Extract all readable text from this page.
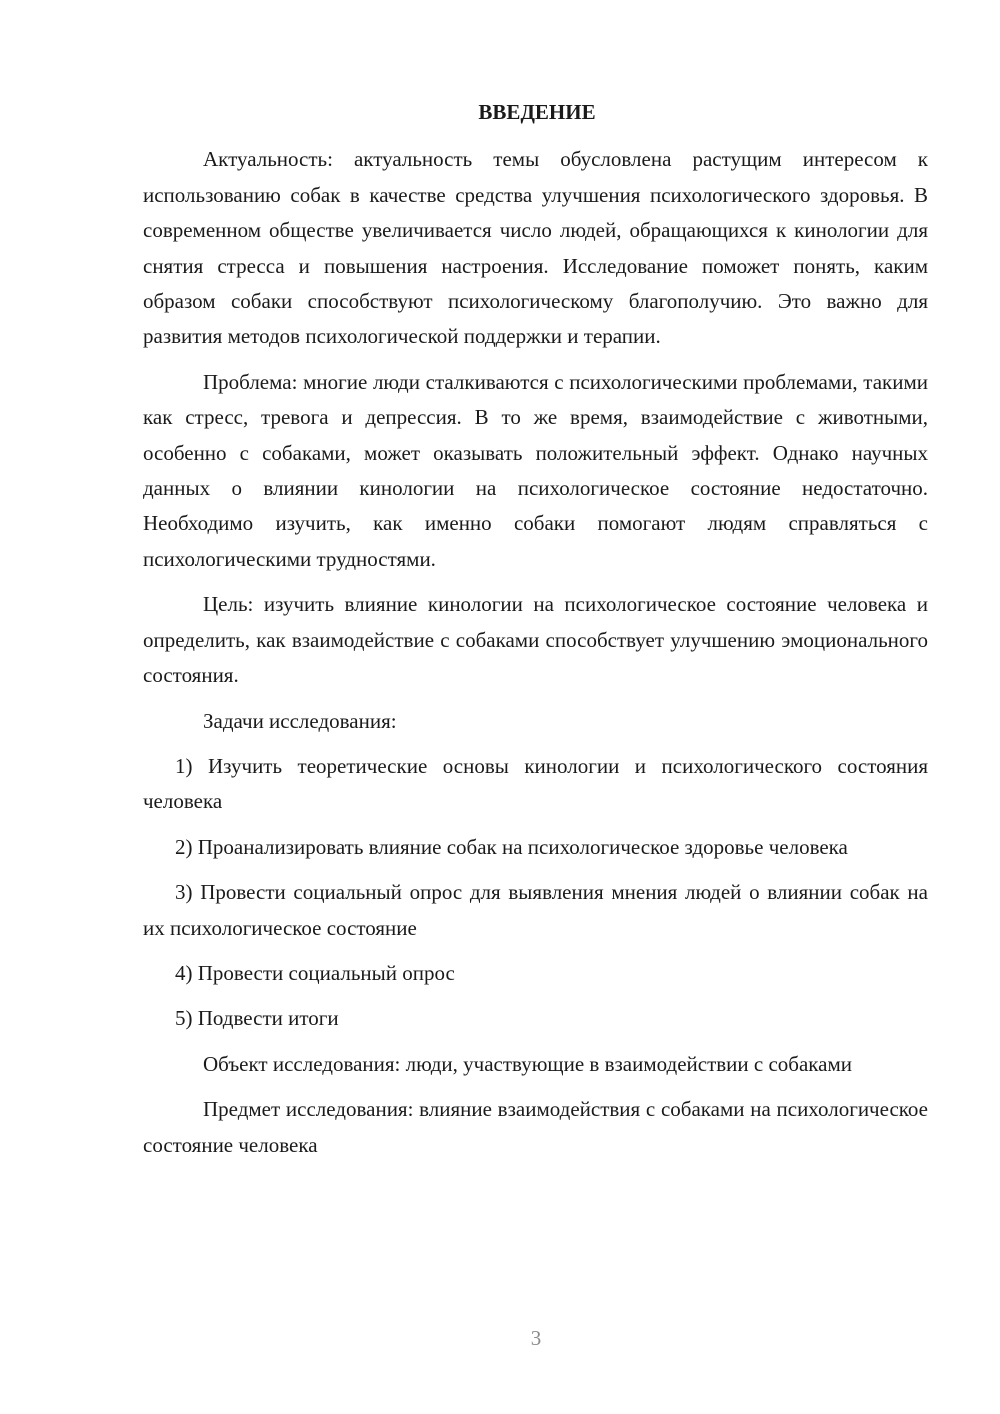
ВВЕДЕНИЕ

Актуальность: актуальность темы обусловлена растущим интересом к использованию собак в качестве средства улучшения психологического здоровья. В современном обществе увеличивается число людей, обращающихся к кинологии для снятия стресса и повышения настроения. Исследование поможет понять, каким образом собаки способствуют психологическому благополучию. Это важно для развития методов психологической поддержки и терапии.

Проблема: многие люди сталкиваются с психологическими проблемами, такими как стресс, тревога и депрессия. В то же время, взаимодействие с животными, особенно с собаками, может оказывать положительный эффект. Однако научных данных о влиянии кинологии на психологическое состояние недостаточно. Необходимо изучить, как именно собаки помогают людям справляться с психологическими трудностями.

Цель: изучить влияние кинологии на психологическое состояние человека и определить, как взаимодействие с собаками способствует улучшению эмоционального состояния.

Задачи исследования:

1) Изучить теоретические основы кинологии и психологического состояния человека

2) Проанализировать влияние собак на психологическое здоровье человека

3) Провести социальный опрос для выявления мнения людей о влиянии собак на их психологическое состояние

4) Провести социальный опрос

5) Подвести итоги

Объект исследования: люди, участвующие в взаимодействии с собаками

Предмет исследования: влияние взаимодействия с собаками на психологическое состояние человека

3
